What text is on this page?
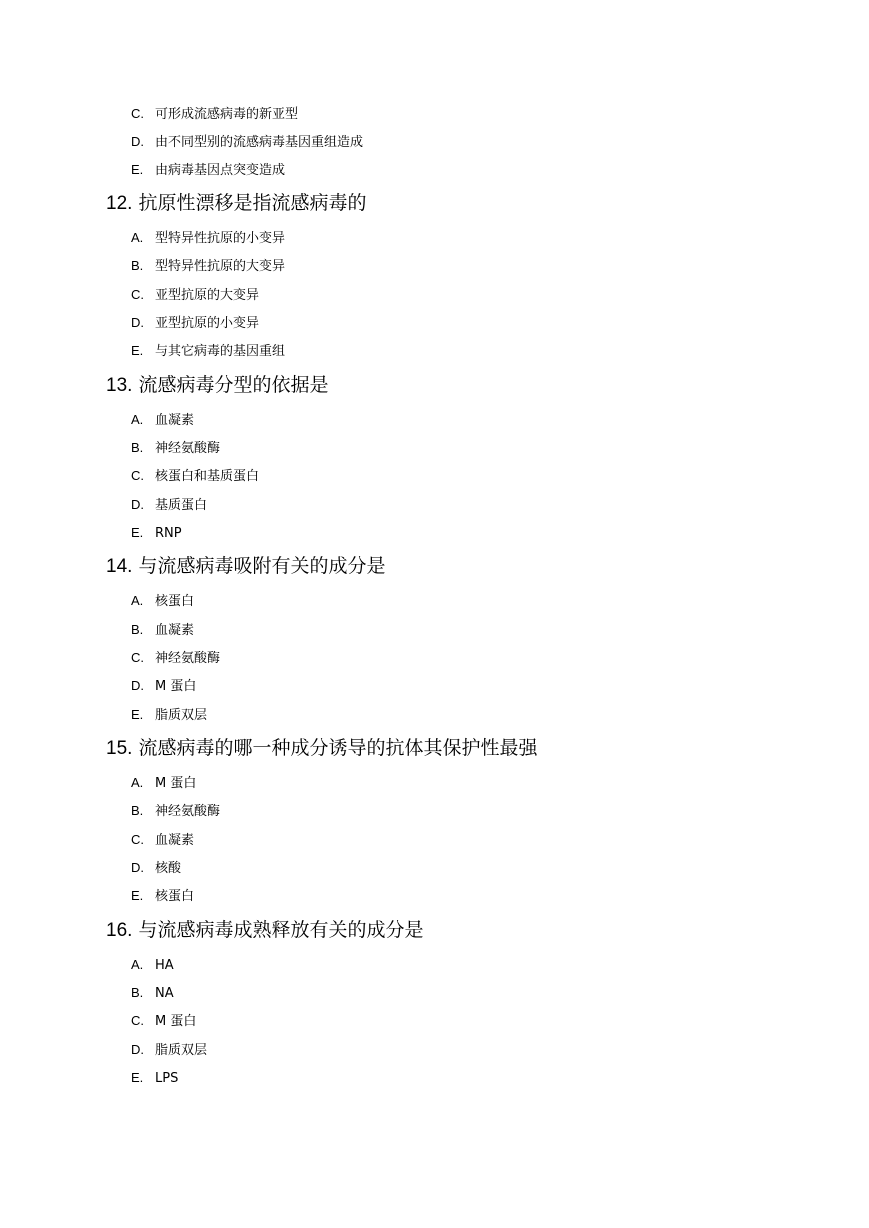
C. 可形成流感病毒的新亚型
D. 由不同型别的流感病毒基因重组造成
E. 由病毒基因点突变造成
12. 抗原性漂移是指流感病毒的
A. 型特异性抗原的小变异
B. 型特异性抗原的大变异
C. 亚型抗原的大变异
D. 亚型抗原的小变异
E. 与其它病毒的基因重组
13. 流感病毒分型的依据是
A. 血凝素
B. 神经氨酸酶
C. 核蛋白和基质蛋白
D. 基质蛋白
E. RNP
14. 与流感病毒吸附有关的成分是
A. 核蛋白
B. 血凝素
C. 神经氨酸酶
D. M 蛋白
E. 脂质双层
15. 流感病毒的哪一种成分诱导的抗体其保护性最强
A. M 蛋白
B. 神经氨酸酶
C. 血凝素
D. 核酸
E. 核蛋白
16. 与流感病毒成熟释放有关的成分是
A. HA
B. NA
C. M 蛋白
D. 脂质双层
E. LPS
